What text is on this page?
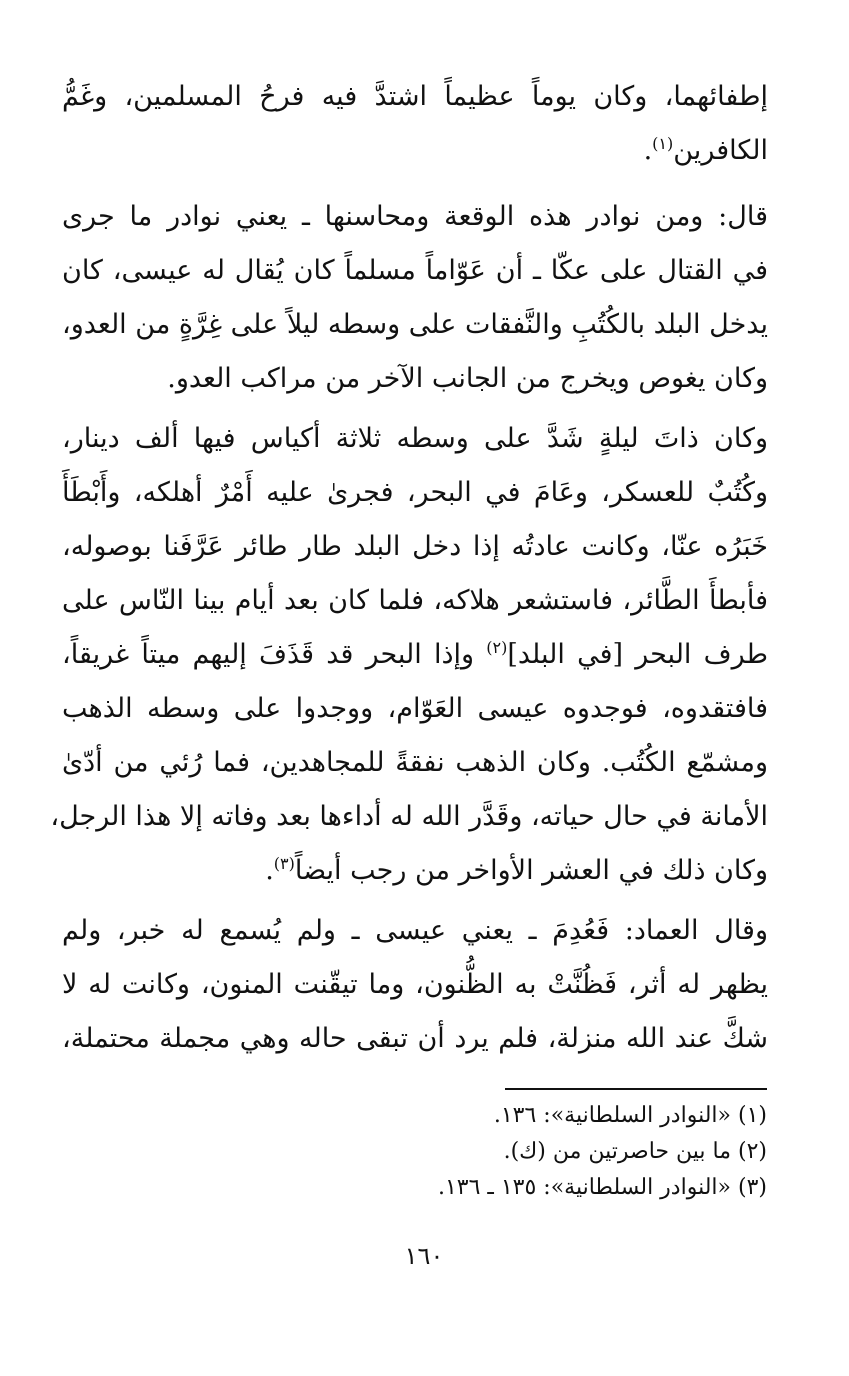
إطفائهما، وكان يوماً عظيماً اشتدَّ فيه فرحُ المسلمين، وغَمُّ
الكافرين$^{(١)}$.

قال: ومن نوادر هذه الوقعة ومحاسنها ـ يعني نوادر ما جرى
في القتال على عكّا ـ أن عَوّاماً مسلماً كان يُقال له عيسى، كان
يدخل البلد بالكُتُبِ والنَّفقات على وسطه ليلاً على غِرَّةٍ من العدو،
وكان يغوص ويخرج من الجانب الآخر من مراكب العدو.

وكان ذاتَ ليلةٍ شَدَّ على وسطه ثلاثة أكياس فيها ألف دينار،
وكُتُبٌ للعسكر، وعَامَ في البحر، فجرىٰ عليه أَمْرٌ أهلكه، وأَبْطَأَ
خَبَرُه عنّا، وكانت عادتُه إذا دخل البلد طار طائر عَرَّفَنا بوصوله،
فأبطأَ الطَّائر، فاستشعر هلاكه، فلما كان بعد أيام بينا النّاس على
طرف البحر [في البلد]$^{(٢)}$ وإذا البحر قد قَذَفَ إليهم ميتاً غريقاً،
فافتقدوه، فوجدوه عيسى العَوّام، ووجدوا على وسطه الذهب
ومشمّع الكُتُب. وكان الذهب نفقةً للمجاهدين، فما رُئي من أدّىٰ
الأمانة في حال حياته، وقَدَّر الله له أداءها بعد وفاته إلا هذا الرجل،
وكان ذلك في العشر الأواخر من رجب أيضاً$^{(٣)}$.

وقال العماد: فَعُدِمَ ـ يعني عيسى ـ ولم يُسمع له خبر، ولم
يظهر له أثر، فَظُنَّتْ به الظُّنون، وما تيقّنت المنون، وكانت له لا
شكَّ عند الله منزلة، فلم يرد أن تبقى حاله وهي مجملة محتملة،

(١) «النوادر السلطانية»: ١٣٦.
(٢) ما بين حاصرتين من (ك).
(٣) «النوادر السلطانية»: ١٣٥ ـ ١٣٦.
١٦٠
